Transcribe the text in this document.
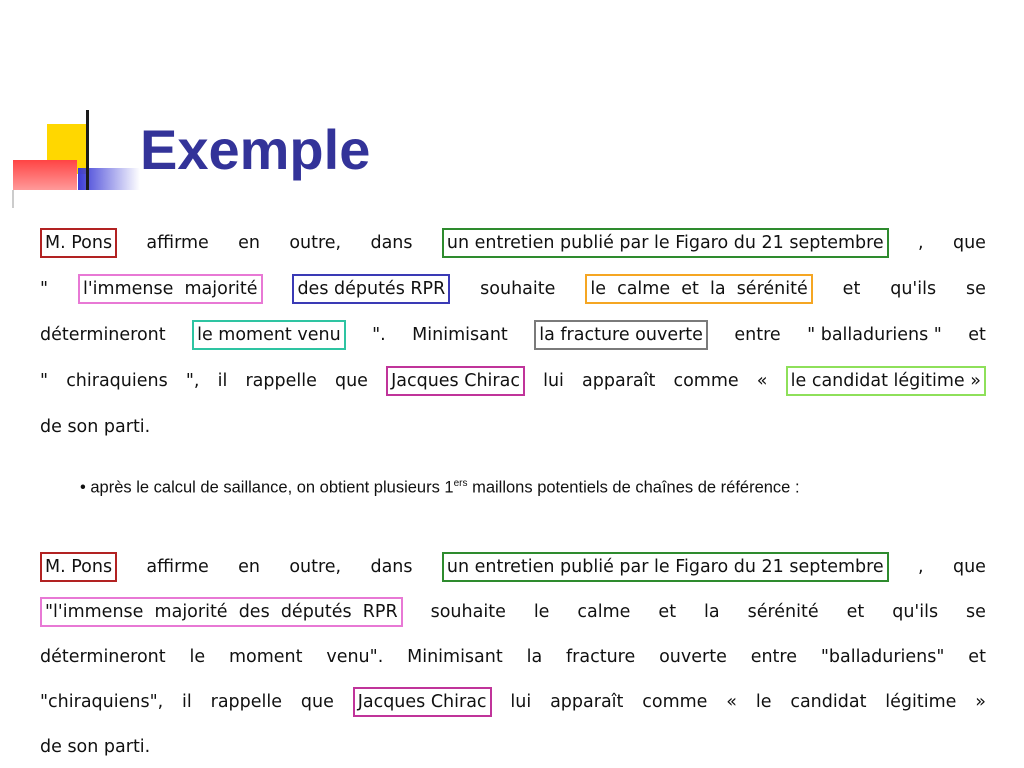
Exemple
M. Pons affirme en outre, dans un entretien publié par le Figaro du 21 septembre , que
" l'immense  majorité des députés RPR souhaite le  calme  et  la  sérénité et qu'ils se
détermineront le moment venu ". Minimisant la fracture ouverte entre " balladuriens " et
" chiraquiens ", il rappelle que Jacques Chirac lui apparaît comme « le candidat légitime »
de son parti.
• après le calcul de saillance, on obtient plusieurs 1ers maillons potentiels de chaînes de référence :
M. Pons affirme en outre, dans un entretien publié par le Figaro du 21 septembre , que
"l'immense  majorité  des  députés  RPR souhaite le calme et la sérénité et qu'ils se
détermineront le moment venu". Minimisant la fracture ouverte entre "balladuriens" et
"chiraquiens", il rappelle que Jacques Chirac lui apparaît comme « le candidat légitime »
de son parti.
